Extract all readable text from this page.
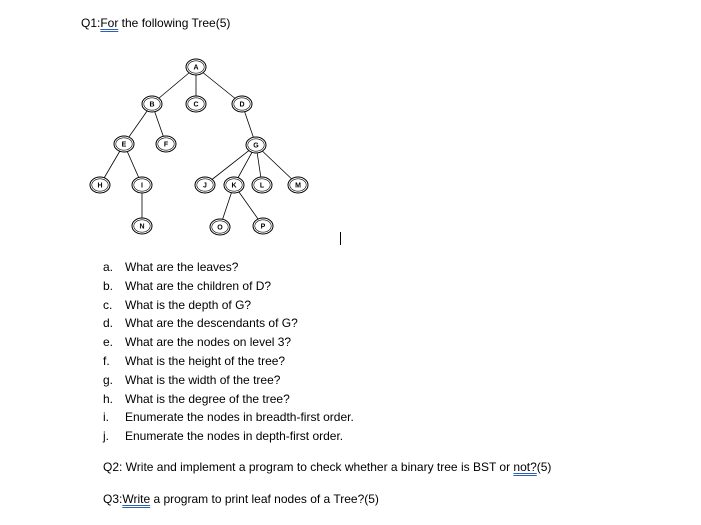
Q1:For the following Tree(5)
A
B	C	D
E	F	G
H	I	J	K	L	M
N	O	P
a. What are the leaves?
b. What are the children of D?
c. What is the depth of G?
d. What are the descendants of G?
e. What are the nodes on level 3?
f. What is the height of the tree?
g. What is the width of the tree?
h. What is the degree of the tree?
i. Enumerate the nodes in breadth-first order.
j. Enumerate the nodes in depth-first order.
Q2: Write and implement a program to check whether a binary tree is BST or not?(5)
Q3:Write a program to print leaf nodes of a Tree?(5)
